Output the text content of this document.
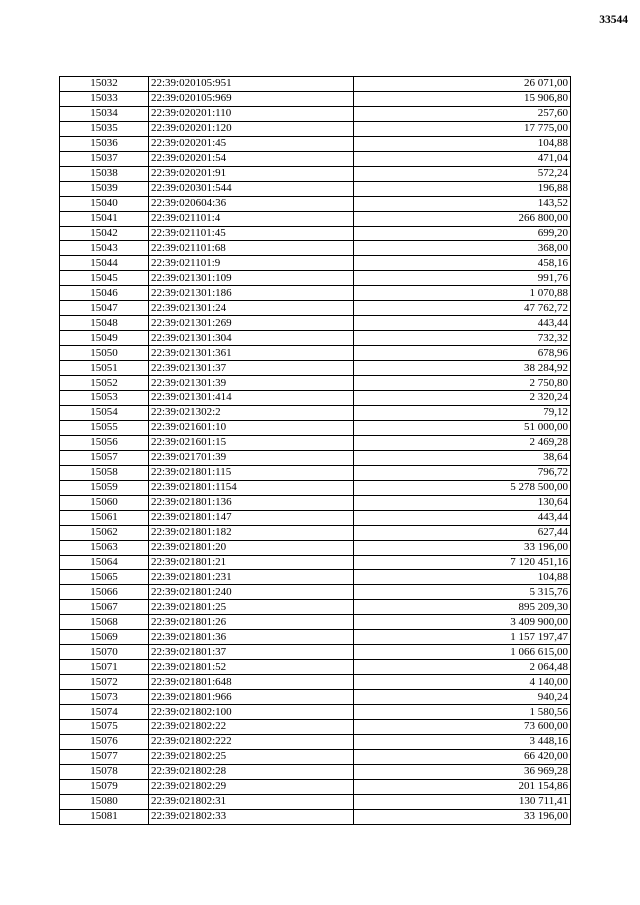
33544
15032	22:39:020105:951	26 071,00
15033	22:39:020105:969	15 906,80
15034	22:39:020201:110	257,60
15035	22:39:020201:120	17 775,00
15036	22:39:020201:45	104,88
15037	22:39:020201:54	471,04
15038	22:39:020201:91	572,24
15039	22:39:020301:544	196,88
15040	22:39:020604:36	143,52
15041	22:39:021101:4	266 800,00
15042	22:39:021101:45	699,20
15043	22:39:021101:68	368,00
15044	22:39:021101:9	458,16
15045	22:39:021301:109	991,76
15046	22:39:021301:186	1 070,88
15047	22:39:021301:24	47 762,72
15048	22:39:021301:269	443,44
15049	22:39:021301:304	732,32
15050	22:39:021301:361	678,96
15051	22:39:021301:37	38 284,92
15052	22:39:021301:39	2 750,80
15053	22:39:021301:414	2 320,24
15054	22:39:021302:2	79,12
15055	22:39:021601:10	51 000,00
15056	22:39:021601:15	2 469,28
15057	22:39:021701:39	38,64
15058	22:39:021801:115	796,72
15059	22:39:021801:1154	5 278 500,00
15060	22:39:021801:136	130,64
15061	22:39:021801:147	443,44
15062	22:39:021801:182	627,44
15063	22:39:021801:20	33 196,00
15064	22:39:021801:21	7 120 451,16
15065	22:39:021801:231	104,88
15066	22:39:021801:240	5 315,76
15067	22:39:021801:25	895 209,30
15068	22:39:021801:26	3 409 900,00
15069	22:39:021801:36	1 157 197,47
15070	22:39:021801:37	1 066 615,00
15071	22:39:021801:52	2 064,48
15072	22:39:021801:648	4 140,00
15073	22:39:021801:966	940,24
15074	22:39:021802:100	1 580,56
15075	22:39:021802:22	73 600,00
15076	22:39:021802:222	3 448,16
15077	22:39:021802:25	66 420,00
15078	22:39:021802:28	36 969,28
15079	22:39:021802:29	201 154,86
15080	22:39:021802:31	130 711,41
15081	22:39:021802:33	33 196,00
